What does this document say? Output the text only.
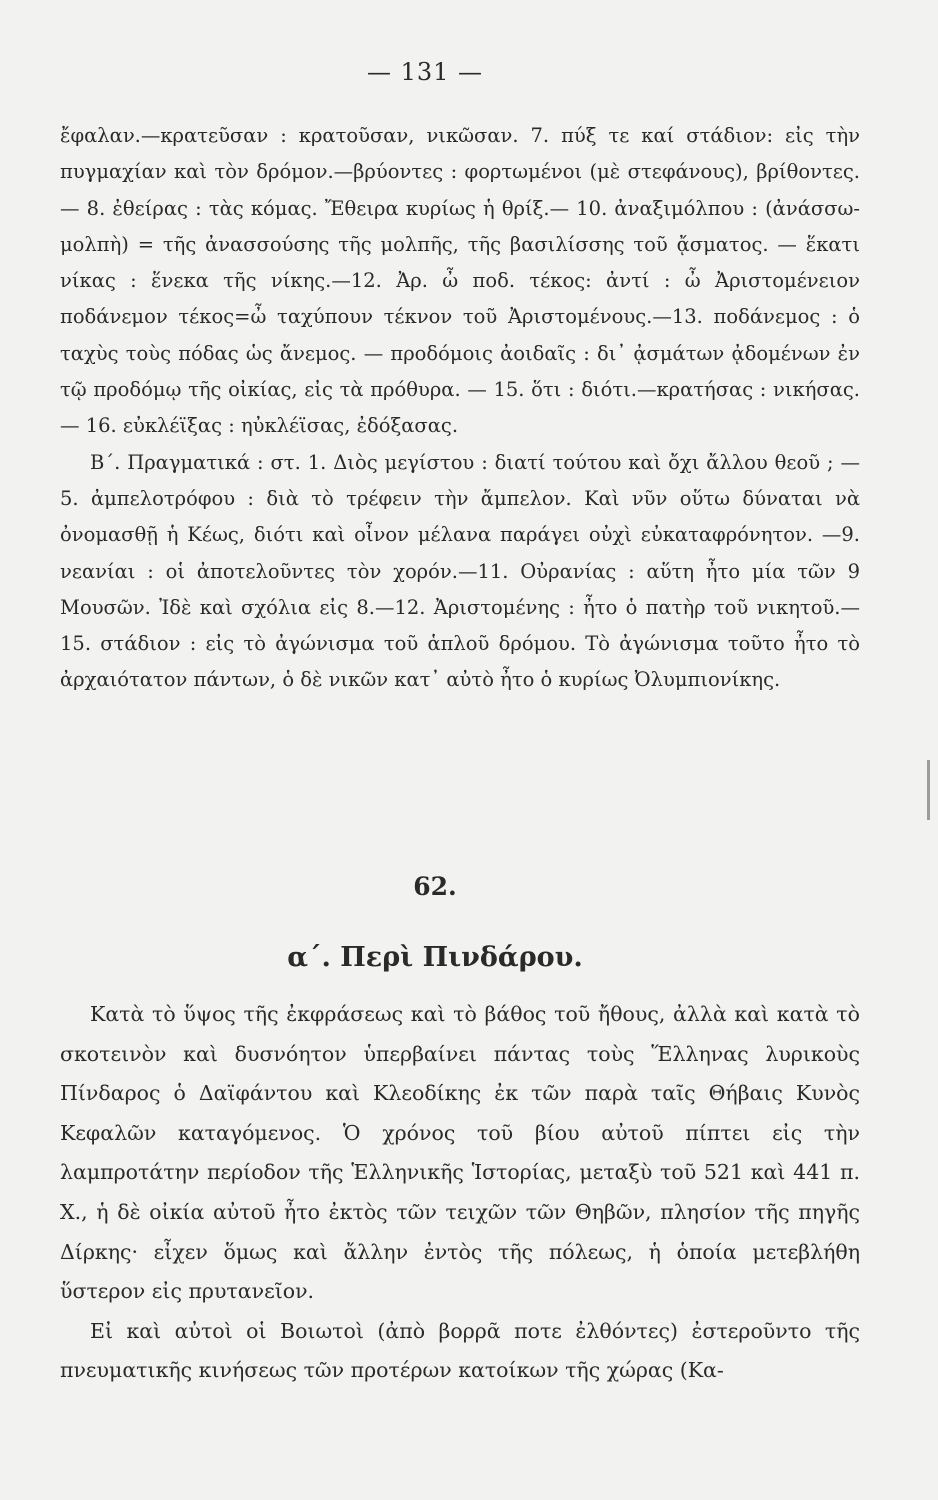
— 131 —

ἔφαλαν.—κρατεῦσαν : κρατοῦσαν, νικῶσαν. 7. πύξ τε καί στάδιον: εἰς τὴν πυγμαχίαν καὶ τὸν δρόμον.—βρύοντες : φορτωμένοι (μὲ στεφάνους), βρίθοντες. — 8. ἐθείρας : τὰς κόμας. Ἔθειρα κυρίως ἡ θρίξ.— 10. ἀναξιμόλπου : (ἀνάσσω-μολπὴ) = τῆς ἀνασσούσης τῆς μολπῆς, τῆς βασιλίσσης τοῦ ᾄσματος. — ἕκατι νίκας : ἕνεκα τῆς νίκης.—12. Ἀρ. ὦ ποδ. τέκος: ἀντί : ὦ Ἀριστομένειον ποδάνεμον τέκος=ὦ ταχύπουν τέκνον τοῦ Ἀριστομένους.—13. ποδάνεμος : ὁ ταχὺς τοὺς πόδας ὡς ἄνεμος. — προδόμοις ἀοιδαῖς : δι᾽ ᾀσμάτων ᾀδομένων ἐν τῷ προδόμῳ τῆς οἰκίας, εἰς τὰ πρόθυρα. — 15. ὅτι : διότι.—κρατήσας : νικήσας.— 16. εὐκλέϊξας : ηὐκλέϊσας, ἐδόξασας.

Β΄. Πραγματικά : στ. 1. Διὸς μεγίστου : διατί τούτου καὶ ὄχι ἄλλου θεοῦ ; —5. ἀμπελοτρόφου : διὰ τὸ τρέφειν τὴν ἄμπελον. Καὶ νῦν οὕτω δύναται νὰ ὀνομασθῇ ἡ Κέως, διότι καὶ οἶνον μέλανα παράγει οὐχὶ εὐκαταφρόνητον. —9. νεανίαι : οἱ ἀποτελοῦντες τὸν χορόν.—11. Οὐρανίας : αὕτη ἦτο μία τῶν 9 Μουσῶν. Ἰδὲ καὶ σχόλια εἰς 8.—12. Ἀριστομένης : ἦτο ὁ πατὴρ τοῦ νικητοῦ.—15. στάδιον : εἰς τὸ ἀγώνισμα τοῦ ἁπλοῦ δρόμου. Τὸ ἀγώνισμα τοῦτο ἦτο τὸ ἀρχαιότατον πάντων, ὁ δὲ νικῶν κατ᾽ αὐτὸ ἦτο ὁ κυρίως Ὀλυμπιονίκης.

62.
α΄. Περὶ Πινδάρου.

Κατὰ τὸ ὕψος τῆς ἐκφράσεως καὶ τὸ βάθος τοῦ ἤθους, ἀλλὰ καὶ κατὰ τὸ σκοτεινὸν καὶ δυσνόητον ὑπερβαίνει πάντας τοὺς Ἕλληνας λυρικοὺς Πίνδαρος ὁ Δαϊφάντου καὶ Κλεοδίκης ἐκ τῶν παρὰ ταῖς Θήβαις Κυνὸς Κεφαλῶν καταγόμενος. Ὁ χρόνος τοῦ βίου αὐτοῦ πίπτει εἰς τὴν λαμπροτάτην περίοδον τῆς Ἑλληνικῆς Ἱστορίας, μεταξὺ τοῦ 521 καὶ 441 π. Χ., ἡ δὲ οἰκία αὐτοῦ ἦτο ἐκτὸς τῶν τειχῶν τῶν Θηβῶν, πλησίον τῆς πηγῆς Δίρκης· εἶχεν ὅμως καὶ ἄλλην ἐντὸς τῆς πόλεως, ἡ ὁποία μετεβλήθη ὕστερον εἰς πρυτανεῖον.

Εἰ καὶ αὐτοὶ οἱ Βοιωτοὶ (ἀπὸ βορρᾶ ποτε ἐλθόντες) ἐστεροῦντο τῆς πνευματικῆς κινήσεως τῶν προτέρων κατοίκων τῆς χώρας (Κα-
